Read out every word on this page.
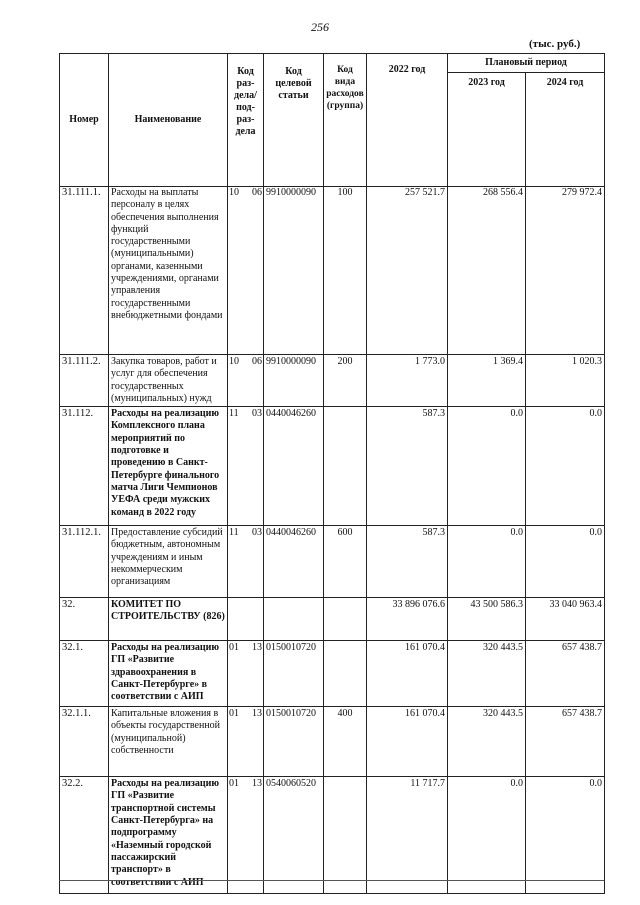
256
(тыс. руб.)
Номер	Наименование	Код раз-дела/ под-раз-дела	Код целевой статьи	Код вида расходов (группа)	2022 год	Плановый период	
						2023 год	2024 год
31.111.1.	Расходы на выплаты персоналу в целях обеспечения выполнения функций государственными (муниципальными) органами, казенными учреждениями, органами управления государственными внебюджетными фондами	10 06	9910000090	100	257 521.7	268 556.4	279 972.4
31.111.2.	Закупка товаров, работ и услуг для обеспечения государственных (муниципальных) нужд	10 06	9910000090	200	1 773.0	1 369.4	1 020.3
31.112.	Расходы на реализацию Комплексного плана мероприятий по подготовке и проведению в Санкт-Петербурге финального матча Лиги Чемпионов УЕФА среди мужских команд в 2022 году	11 03	0440046260		587.3	0.0	0.0
31.112.1.	Предоставление субсидий бюджетным, автономным учреждениям и иным некоммерческим организациям	11 03	0440046260	600	587.3	0.0	0.0
32.	КОМИТЕТ ПО СТРОИТЕЛЬСТВУ (826)				33 896 076.6	43 500 586.3	33 040 963.4
32.1.	Расходы на реализацию ГП «Развитие здравоохранения в Санкт-Петербурге» в соответствии с АИП	01 13	0150010720		161 070.4	320 443.5	657 438.7
32.1.1.	Капитальные вложения в объекты государственной (муниципальной) собственности	01 13	0150010720	400	161 070.4	320 443.5	657 438.7
32.2.	Расходы на реализацию ГП «Развитие транспортной системы Санкт-Петербурга» на подпрограмму «Наземный городской пассажирский транспорт» в соответствии с АИП	01 13	0540060520		11 717.7	0.0	0.0
